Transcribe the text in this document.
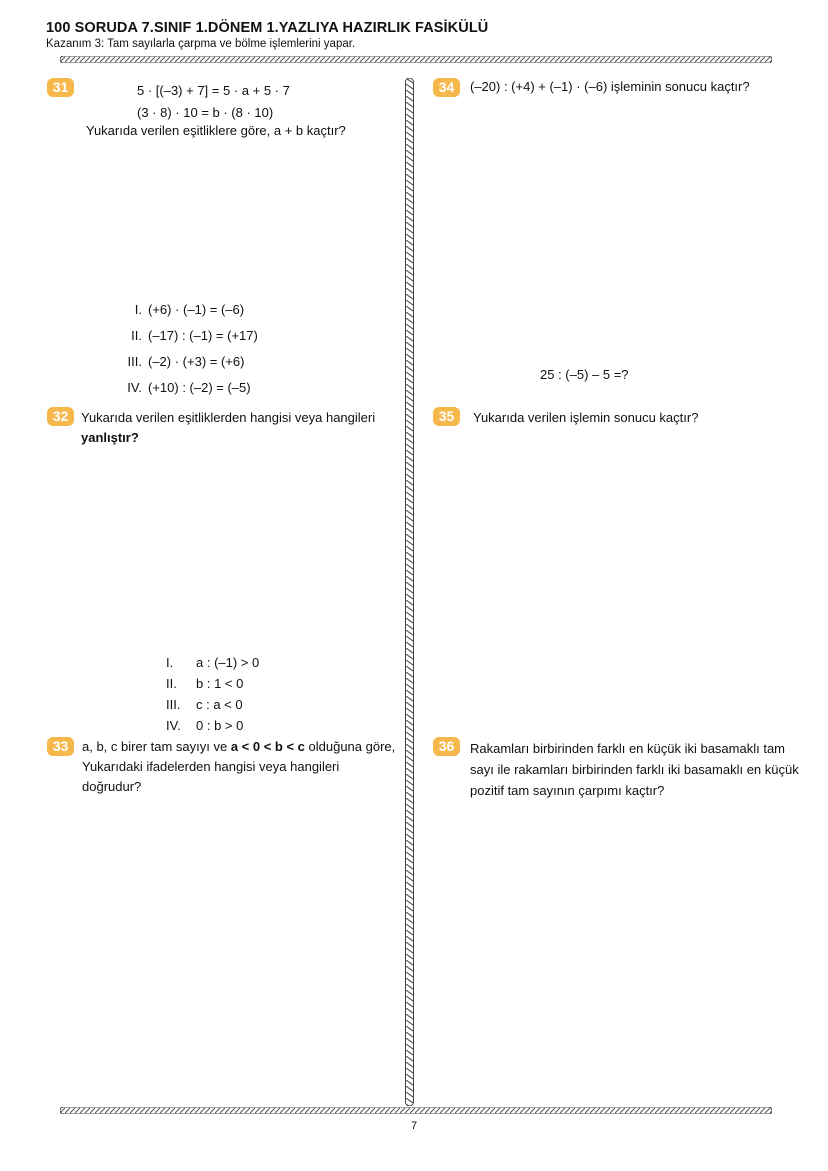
100 SORUDA 7.SINIF 1.DÖNEM 1.YAZLIYA HAZIRLIK FASİKÜLÜ
Kazanım 3: Tam sayılarla çarpma ve bölme işlemlerini yapar.
31	5 · [(–3) + 7] = 5 · a + 5 · 7
(3 · 8) · 10 = b · (8 · 10)
Yukarıda verilen eşitliklere göre, a + b kaçtır?
I. (+6) · (–1) = (–6)
II. (–17) : (–1) = (+17)
III. (–2) · (+3) = (+6)
IV. (+10) : (–2) = (–5)
32 Yukarıda verilen eşitliklerden hangisi veya hangileri yanlıştır?
I. a : (–1) > 0
II. b : 1 < 0
III. c : a < 0
IV. 0 : b > 0
33	a, b, c birer tam sayıyı ve a < 0 < b < c olduğuna göre, Yukarıdaki ifadelerden hangisi veya hangileri doğrudur?
34	(–20) : (+4) + (–1) · (–6) işleminin sonucu kaçtır?
25 : (–5) – 5 =?
35	Yukarıda verilen işlemin sonucu kaçtır?
36	Rakamları birbirinden farklı en küçük iki basamaklı tam sayı ile rakamları birbirinden farklı iki basamaklı en küçük pozitif tam sayının çarpımı kaçtır?
7
